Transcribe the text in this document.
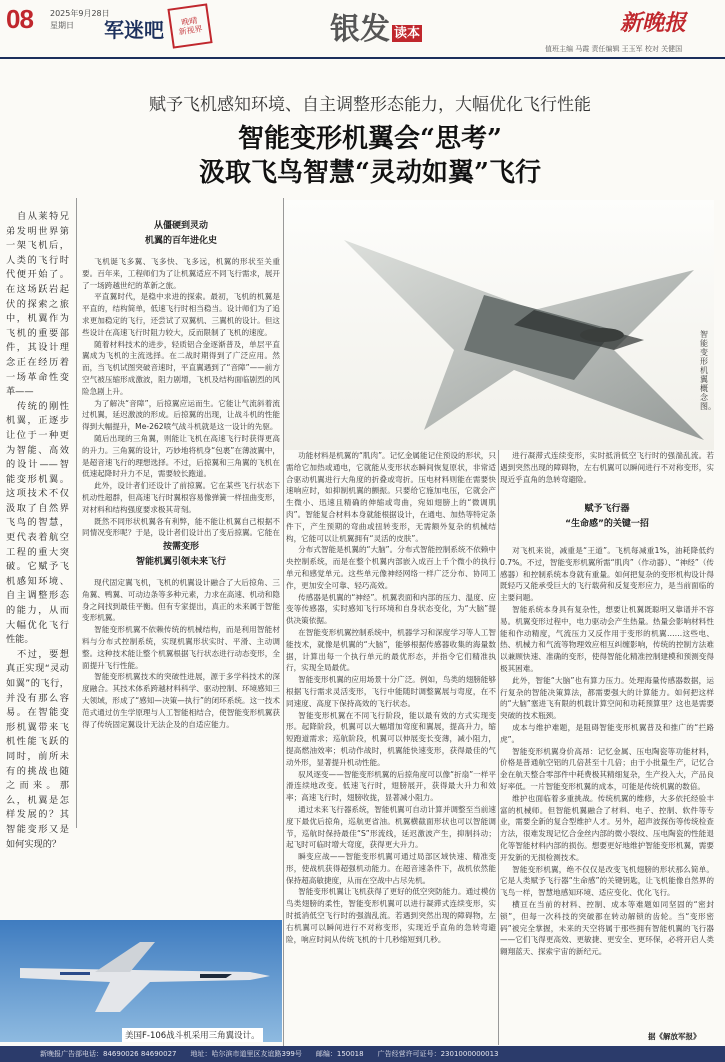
08 2025年9月28日
星期日	军迷吧	晚晴
新视界	银发 读本	新晚报
值班主编 马霞 责任编辑 王玉军 校对 关健国
赋予飞机感知环境、自主调整形态能力，大幅优化飞行性能
智能变形机翼会“思考”
汲取飞鸟智慧“灵动如翼”飞行

自从莱特兄弟发明世界第一架飞机后，人类的飞行时代便开始了。在这场跃岩起伏的探索之旅中，机翼作为飞机的重要部件，其设计理念正在经历着一场革命性变革——

传统的刚性机翼，正逐步让位于一种更为智能、高效的设计——智能变形机翼。这项技术不仅汲取了自然界飞鸟的智慧，更代表着航空工程的重大突破。它赋予飞机感知环境、自主调整形态的能力，从而大幅优化飞行性能。

不过，要想真正实现“灵动如翼”的飞行，并没有那么容易。在智能变形机翼带来飞机性能飞跃的同时，前所未有的挑战也随之而来。那么，机翼是怎样发展的？其智能变形又是如何实现的？

从僵硬到灵动
机翼的百年进化史

飞机诞飞多翼、飞多快、飞多远，机翼的形状至关重要。百年来，工程师们为了让机翼适应不同飞行需求，展开了一场跨越世纪的革新之旅。

平直翼时代，是稳中求进的探索。最初，飞机的机翼是平直的，结构简单，低速飞行时相当稳当。设计师们为了追求更加稳定的飞行，还尝试了双翼机、三翼机的设计。但这些设计在高速飞行时阻力较大，反而限制了飞机的速度。

随着材料技术的进步，轻质铝合金逐渐普及，单层平直翼成为飞机的主流选择。在二战时期得到了广泛应用。然而，当飞机试图突破音速时，平直翼遇到了“音障”——前方空气被压缩形成激波，阻力剧增，飞机及结构面临剧烈的风险急剧上升。

为了解决“音障”，后掠翼应运而生。它能让气流斜着流过机翼，延迟激波的形成。后掠翼的出现，让战斗机的性能得到大幅提升，Me-262喷气战斗机就是这一设计的先驱。

随后出现的三角翼，则能让飞机在高速飞行时获得更高的升力。三角翼的设计，巧妙地将机身“包裹”在薄波翼中，是超音速飞行的理想选择。不过，后掠翼和三角翼的飞机在低速起降时升力不足，需要较长跑道。

此外，设计者们还设计了前掠翼。它在某些飞行状态下机动性超群，但高速飞行时翼根容易像弹簧一样扭曲变形，对材料和结构强度要求极其苛刻。

既然不同形状机翼各有利弊，能不能让机翼自己根据不同情况变形呢？于是，设计者们设计出了变后掠翼。它能在

按需变形
智能机翼引领未来飞行

现代固定翼飞机，飞机的机翼设计融合了大后掠角、三角翼、鸭翼、可动边条等多种元素，力求在高速、机动和隐身之间找到最佳平衡。但有专家提出，真正的未来属于智能变形机翼。

智能变形机翼不依赖传统的机械结构，而是利用智能材料与分布式控制系统，实现机翼形状实时、平滑、主动调整。这种技术能让整个机翼根据飞行状态进行动态变形，全面提升飞行性能。

智能变形机翼技术的突破性进展，源于多学科技术的深度融合。其技术体系跨越材料科学、驱动控制、环境感知三大领域，形成了“感知—决策—执行”的闭环系统。这一技术范式通过仿生学原理与人工智能相结合，使智能变形机翼获得了传统固定翼设计无法企及的自适应能力。

智能变形机翼概念图。

功能材料是机翼的“肌肉”。记忆金属能记住预设的形状，只需给它加热或通电，它就能从变形状态瞬间恢复原状，非常适合驱动机翼进行大角度的折叠或弯折。压电材料则能在需要快速响应时，如抑制机翼的颤振。只要给它施加电压，它就会产生微小、迅速且精确的伸缩或弯曲，宛如翅膀上的“微调肌肉”。智能复合材料本身就能根据设计，在通电、加热等特定条件下，产生预期的弯曲或扭转变形，无需额外复杂的机械结构，它能可以让机翼拥有“灵活的皮肤”。

分布式智能是机翼的“大脑”。分布式智能控制系统不依赖中央控制系统，而是在整个机翼内部嵌入成百上千个微小的执行单元和感觉单元。这些单元像神经网络一样广泛分布、协同工作，更加安全可靠、轻巧高效。

传感器是机翼的“神经”。机翼表面和内部的压力、温度、应变等传感器，实时感知飞行环境和自身状态变化，为“大脑”提供决策依据。

在智能变形机翼控制系统中，机器学习和深度学习等人工智能技术，就像是机翼的“大脑”，能够根据传感器收集的海量数据，计算出每一个执行单元的最优形态，并指令它们精准执行，实现全局最优。

智能变形机翼的应用场景十分广泛。例如，鸟类的翅膀能够根据飞行需求灵活变形，飞行中能随时调整翼展与弯度，在不同速度、高度下保持高效的飞行状态。

智能变形机翼在不同飞行阶段，能以最有效的方式实现变形。起降阶段，机翼可以大幅增加弯度和翼展，提高升力，缩短跑道需求；巡航阶段，机翼可以伸展变长变薄，减小阻力，提高燃油效率；机动作战时，机翼能快速变形，获得最佳的气动外形，显著提升机动性能。

驭风逐变——智能变形机翼的后掠角度可以像“折扇”一样平滑连续地改变。低速飞行时，翅膀展开，获得最大升力和效率；高速飞行时，翅膀收拢，显著减小阻力。

通过未来飞行器系统，智能机翼可自动计算并调整至当前速度下最优后掠角，巡航更省油。机翼横截面形状也可以智能调节，巡航时保持最佳“S”形流线，延迟激波产生，抑制抖动；起飞时可临时增大弯度，获得更大升力。

瞬变应战——智能变形机翼可通过局部区域快速、精准变形，使战机获得超强机动能力。在超音速条件下，战机依然能保持超高敏捷度，从而在空战中占尽先机。

智能变形机翼让飞机获得了更好的低空突防能力。通过模仿鸟类翅膀的柔性，智能变形机翼可以进行凝滞式连续变形，实时抵消低空飞行时的强湍乱流。若遇到突然出现的障碍物，左右机翼可以瞬间进行不对称变形，实现近乎直角的急转弯避险，响应时间从传统飞机的十几秒缩短到几秒。

进行凝滞式连续变形，实时抵消低空飞行时的强湍乱流。若遇到突然出现的障碍物，左右机翼可以瞬间进行不对称变形，实现近乎直角的急转弯避险。

赋予飞行器
“生命感”的关键一招

对飞机来说，减重是“王道”。飞机每减重1%，油耗降低约0.7%。不过，智能变形机翼所需“肌肉”（作动器）、“神经”（传感器）和控制系统本身就有重量。如何把复杂的变形机构设计得既轻巧又能承受巨大的飞行载荷和反复变形应力，是当前面临的主要问题。

智能系统本身具有复杂性，想要让机翼既聪明又靠谱并不容易。机翼变形过程中，电力驱动会产生热量。热量会影响材料性能和作动精度，气流压力又反作用于变形的机翼……这些电、热、机械力和气流等物理效应相互纠缠影响，传统的控制方法难以兼顾快速、准确的变形，使得智能化精准控制建模和预测变得极其困难。

此外，智能“大脑”也有算力压力。处理海量传感器数据，运行复杂的智能决策算法，都需要强大的计算能力。如何把这样的“大脑”塞进飞有限的机载计算空间和功耗预算里？这也是需要突破的技术瓶颈。

成本与维护难题，是阻碍智能变形机翼普及和推广的“拦路虎”。

智能变形机翼身价高昂：记忆金属、压电陶瓷等功能材料，价格是普通航空铝的几倍甚至十几倍；由于小批量生产，记忆合金在航天整合零部件中耗费极其精细复杂，生产投入大，产品良好率低。一片智能变形机翼的成本，可能是传统机翼的数倍。

维护也面临着多重挑战。传统机翼的维修，大多依托经验丰富的机械师。但智能机翼融合了材料、电子、控制、软件等专业，需要全新的复合型维护人才。另外，超声波探伤等传统检查方法，很难发现记忆合金丝内部的微小裂纹、压电陶瓷的性能退化等智能材料内部的损伤。想要更好地维护智能变形机翼，需要开发新的无损检测技术。

智能变形机翼，绝不仅仅是改变飞机翅膀的形状那么简单。它是人类赋予飞行器“生命感”的关键钥匙，让飞机能像自然界的飞鸟一样，智慧地感知环境、适应变化、优化飞行。

横亘在当前的材料、控制、成本等难题如同坚固的“密封锁”，但每一次科技的突破都在转动解锁的齿轮。当“变形密码”被完全掌握，未来的天空将属于那些拥有智能机翼的飞行器——它们飞得更高效、更敏捷、更安全、更环保，必将开启人类翱翔蓝天、探索宇宙的新纪元。

据《解放军报》
美国F-106战斗机采用三角翼设计。
新晚报广告部电话：84690026 84690027 地址：哈尔滨市道里区友谊路399号 邮编：150018 广告经营许可证号：2301000000013
